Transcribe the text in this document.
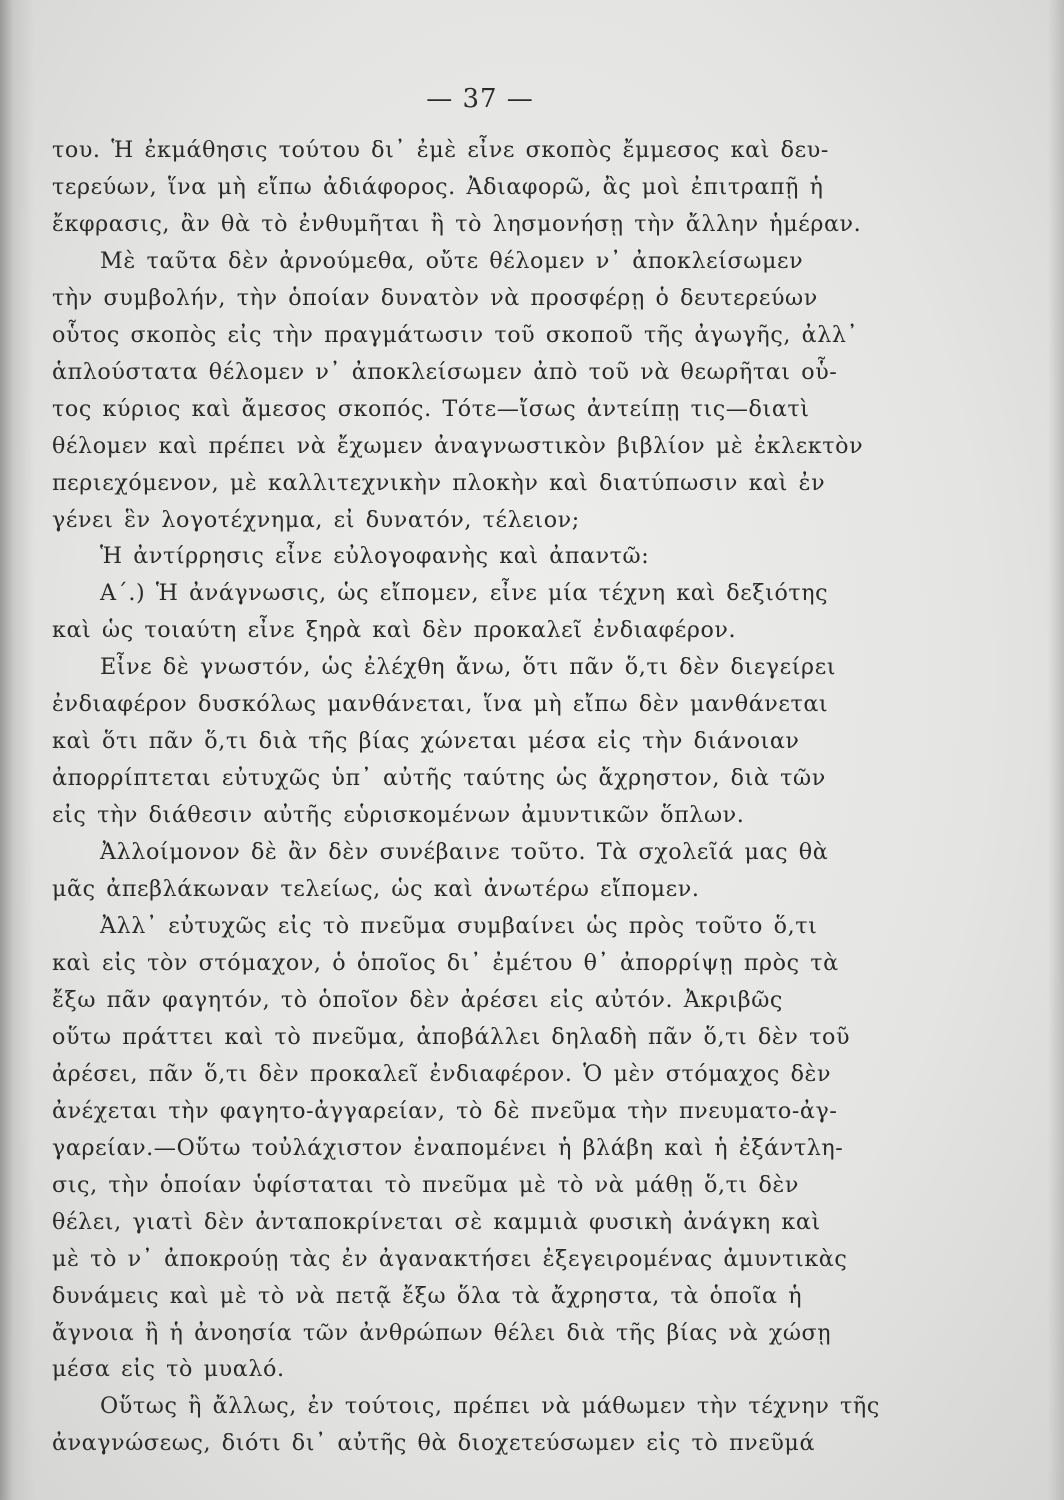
— 37 —
του. Ἡ ἐκμάθησις τούτου δι᾽ ἐμὲ εἶνε σκοπὸς ἔμμεσος καὶ δευ-
τερεύων, ἵνα μὴ εἴπω ἀδιάφορος. Ἀδιαφορῶ, ἂς μοὶ ἐπιτραπῇ ἡ
ἔκφρασις, ἂν θὰ τὸ ἐνθυμῆται ἢ τὸ λησμονήσῃ τὴν ἄλλην ἡμέραν.
Μὲ ταῦτα δὲν ἀρνούμεθα, οὔτε θέλομεν ν᾽ ἀποκλείσωμεν
τὴν συμβολήν, τὴν ὁποίαν δυνατὸν νὰ προσφέρῃ ὁ δευτερεύων
οὗτος σκοπὸς εἰς τὴν πραγμάτωσιν τοῦ σκοποῦ τῆς ἀγωγῆς, ἀλλ᾽
ἁπλούστατα θέλομεν ν᾽ ἀποκλείσωμεν ἀπὸ τοῦ νὰ θεωρῆται οὗ-
τος κύριος καὶ ἄμεσος σκοπός. Τότε—ἴσως ἀντείπῃ τις—διατὶ
θέλομεν καὶ πρέπει νὰ ἔχωμεν ἀναγνωστικὸν βιβλίον μὲ ἐκλεκτὸν
περιεχόμενον, μὲ καλλιτεχνικὴν πλοκὴν καὶ διατύπωσιν καὶ ἐν
γένει ἓν λογοτέχνημα, εἰ δυνατόν, τέλειον;
Ἡ ἀντίρρησις εἶνε εὐλογοφανὴς καὶ ἀπαντῶ:
Α΄.) Ἡ ἀνάγνωσις, ὡς εἴπομεν, εἶνε μία τέχνη καὶ δεξιότης
καὶ ὡς τοιαύτη εἶνε ξηρὰ καὶ δὲν προκαλεῖ ἐνδιαφέρον.
Εἶνε δὲ γνωστόν, ὡς ἐλέχθη ἄνω, ὅτι πᾶν ὅ,τι δὲν διεγείρει
ἐνδιαφέρον δυσκόλως μανθάνεται, ἵνα μὴ εἴπω δὲν μανθάνεται
καὶ ὅτι πᾶν ὅ,τι διὰ τῆς βίας χώνεται μέσα εἰς τὴν διάνοιαν
ἀπορρίπτεται εὐτυχῶς ὑπ᾽ αὐτῆς ταύτης ὡς ἄχρηστον, διὰ τῶν
εἰς τὴν διάθεσιν αὐτῆς εὑρισκομένων ἀμυντικῶν ὅπλων.
Ἀλλοίμονον δὲ ἂν δὲν συνέβαινε τοῦτο. Τὰ σχολεῖά μας θὰ
μᾶς ἀπεβλάκωναν τελείως, ὡς καὶ ἀνωτέρω εἴπομεν.
Ἀλλ᾽ εὐτυχῶς εἰς τὸ πνεῦμα συμβαίνει ὡς πρὸς τοῦτο ὅ,τι
καὶ εἰς τὸν στόμαχον, ὁ ὁποῖος δι᾽ ἐμέτου θ᾽ ἀπορρίψῃ πρὸς τὰ
ἔξω πᾶν φαγητόν, τὸ ὁποῖον δὲν ἀρέσει εἰς αὐτόν. Ἀκριβῶς
οὕτω πράττει καὶ τὸ πνεῦμα, ἀποβάλλει δηλαδὴ πᾶν ὅ,τι δὲν τοῦ
ἀρέσει, πᾶν ὅ,τι δὲν προκαλεῖ ἐνδιαφέρον. Ὁ μὲν στόμαχος δὲν
ἀνέχεται τὴν φαγητο-ἀγγαρείαν, τὸ δὲ πνεῦμα τὴν πνευματο-ἀγ-
γαρείαν.—Οὕτω τοὐλάχιστον ἐναπομένει ἡ βλάβη καὶ ἡ ἐξάντλη-
σις, τὴν ὁποίαν ὑφίσταται τὸ πνεῦμα μὲ τὸ νὰ μάθῃ ὅ,τι δὲν
θέλει, γιατὶ δὲν ἀνταποκρίνεται σὲ καμμιὰ φυσικὴ ἀνάγκη καὶ
μὲ τὸ ν᾽ ἀποκρούῃ τὰς ἐν ἀγανακτήσει ἐξεγειρομένας ἀμυντικὰς
δυνάμεις καὶ μὲ τὸ νὰ πετᾷ ἔξω ὅλα τὰ ἄχρηστα, τὰ ὁποῖα ἡ
ἄγνοια ἢ ἡ ἀνοησία τῶν ἀνθρώπων θέλει διὰ τῆς βίας νὰ χώσῃ
μέσα εἰς τὸ μυαλό.
Οὕτως ἢ ἄλλως, ἐν τούτοις, πρέπει νὰ μάθωμεν τὴν τέχνην τῆς
ἀναγνώσεως, διότι δι᾽ αὐτῆς θὰ διοχετεύσωμεν εἰς τὸ πνεῦμά
